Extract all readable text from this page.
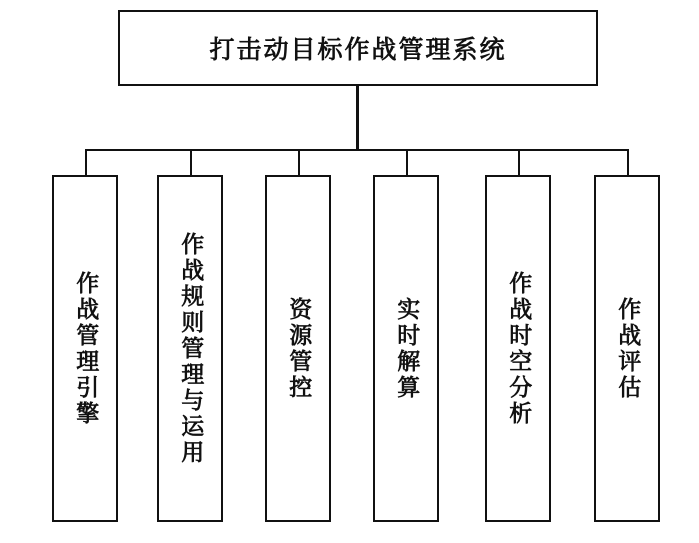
打击动目标作战管理系统
作战管理引擎	作战规则管理与运用	资源管控	实时解算	作战时空分析	作战评估
